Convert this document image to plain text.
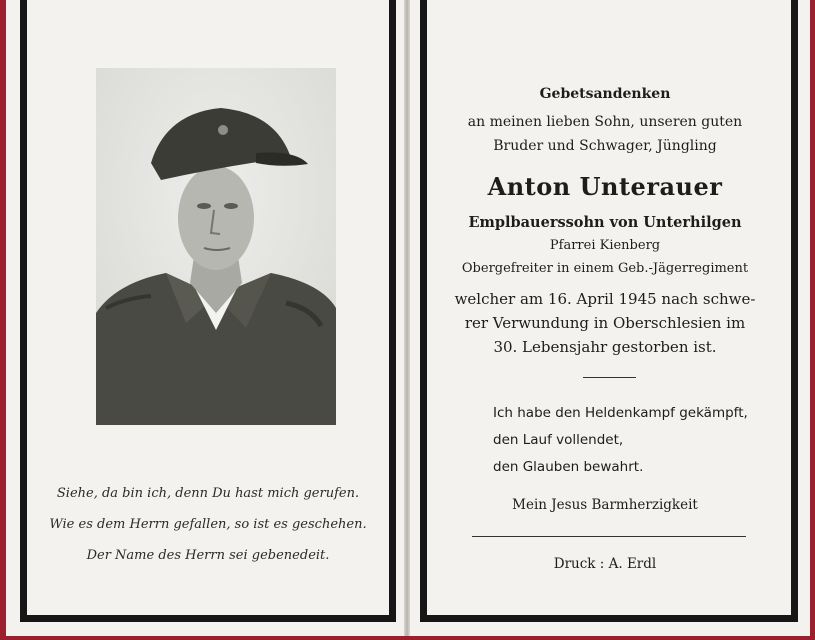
Siehe, da bin ich, denn Du hast mich gerufen.
Wie es dem Herrn gefallen, so ist es geschehen.
Der Name des Herrn sei gebenedeit.
Gebetsandenken
an meinen lieben Sohn, unseren guten
Bruder und Schwager, Jüngling
Anton Unterauer
Emplbauerssohn von Unterhilgen
Pfarrei Kienberg
Obergefreiter in einem Geb.-Jägerregiment
welcher am 16. April 1945 nach schwe-
rer Verwundung in Oberschlesien im
30. Lebensjahr gestorben ist.
Ich habe den Heldenkampf gekämpft,
den Lauf vollendet,
den Glauben bewahrt.
Mein Jesus Barmherzigkeit
Druck : A. Erdl
